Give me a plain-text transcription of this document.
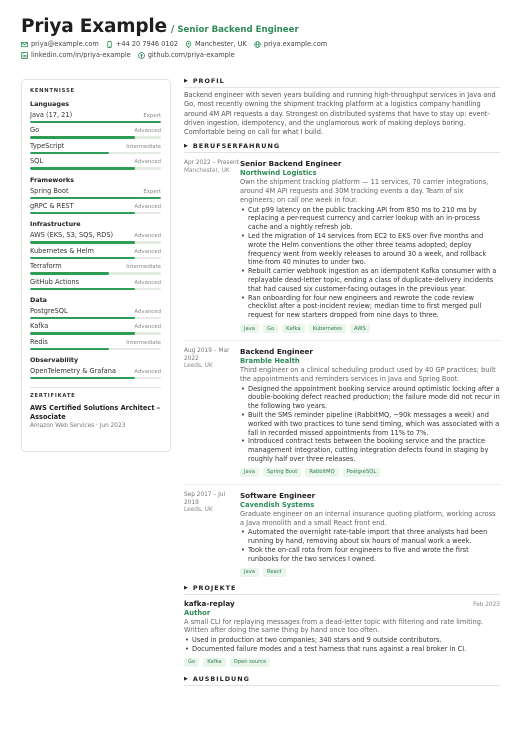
Priya Example / Senior Backend Engineer
priya@example.com	+44 20 7946 0102	Manchester, UK	priya.example.com
linkedin.com/in/priya-example	github.com/priya-example
KENNTNISSE
Languages
Java (17, 21)	Expert
Go	Advanced
TypeScript	Intermediate
SQL	Advanced
Frameworks
Spring Boot	Expert
gRPC & REST	Advanced
Infrastructure
AWS (EKS, S3, SQS, RDS)	Advanced
Kubernetes & Helm	Advanced
Terraform	Intermediate
GitHub Actions	Advanced
Data
PostgreSQL	Advanced
Kafka	Advanced
Redis	Intermediate
Observability
OpenTelemetry & Grafana	Advanced
ZERTIFIKATE
AWS Certified Solutions Architect – Associate
Amazon Web Services · Jun 2023
▶ PROFIL
Backend engineer with seven years building and running high-throughput services in Java and Go, most recently owning the shipment tracking platform at a logistics company handling around 4M API requests a day. Strongest on distributed systems that have to stay up: event-driven ingestion, idempotency, and the unglamorous work of making deploys boring. Comfortable being on call for what I build.
▶ BERUFSERFAHRUNG
Apr 2022 – Present
Manchester, UK
Senior Backend Engineer
Northwind Logistics
Own the shipment tracking platform — 11 services, 70 carrier integrations, around 4M API requests and 30M tracking events a day. Team of six engineers; on call one week in four.
• Cut p99 latency on the public tracking API from 850 ms to 210 ms by replacing a per-request currency and carrier lookup with an in-process cache and a nightly refresh job.
• Led the migration of 14 services from EC2 to EKS over five months and wrote the Helm conventions the other three teams adopted; deploy frequency went from weekly releases to around 30 a week, and rollback time from 40 minutes to under two.
• Rebuilt carrier webhook ingestion as an idempotent Kafka consumer with a replayable dead-letter topic, ending a class of duplicate-delivery incidents that had caused six customer-facing outages in the previous year.
• Ran onboarding for four new engineers and rewrote the code review checklist after a post-incident review; median time to first merged pull request for new starters dropped from nine days to three.
Java	Go	Kafka	Kubernetes	AWS
Aug 2019 – Mar 2022
Leeds, UK
Backend Engineer
Bramble Health
Third engineer on a clinical scheduling product used by 40 GP practices; built the appointments and reminders services in Java and Spring Boot.
• Designed the appointment booking service around optimistic locking after a double-booking defect reached production; the failure mode did not recur in the following two years.
• Built the SMS reminder pipeline (RabbitMQ, ~90k messages a week) and worked with two practices to tune send timing, which was associated with a fall in recorded missed appointments from 11% to 7%.
• Introduced contract tests between the booking service and the practice management integration, cutting integration defects found in staging by roughly half over three releases.
Java	Spring Boot	RabbitMQ	PostgreSQL
Sep 2017 – Jul 2019
Leeds, UK
Software Engineer
Cavendish Systems
Graduate engineer on an internal insurance quoting platform, working across a Java monolith and a small React front end.
• Automated the overnight rate-table import that three analysts had been running by hand, removing about six hours of manual work a week.
• Took the on-call rota from four engineers to five and wrote the first runbooks for the two services I owned.
Java	React
▶ PROJEKTE
kafka-replay	Feb 2023
Author
A small CLI for replaying messages from a dead-letter topic with filtering and rate limiting. Written after doing the same thing by hand once too often.
• Used in production at two companies; 340 stars and 9 outside contributors.
• Documented failure modes and a test harness that runs against a real broker in CI.
Go	Kafka	Open source
▶ AUSBILDUNG
